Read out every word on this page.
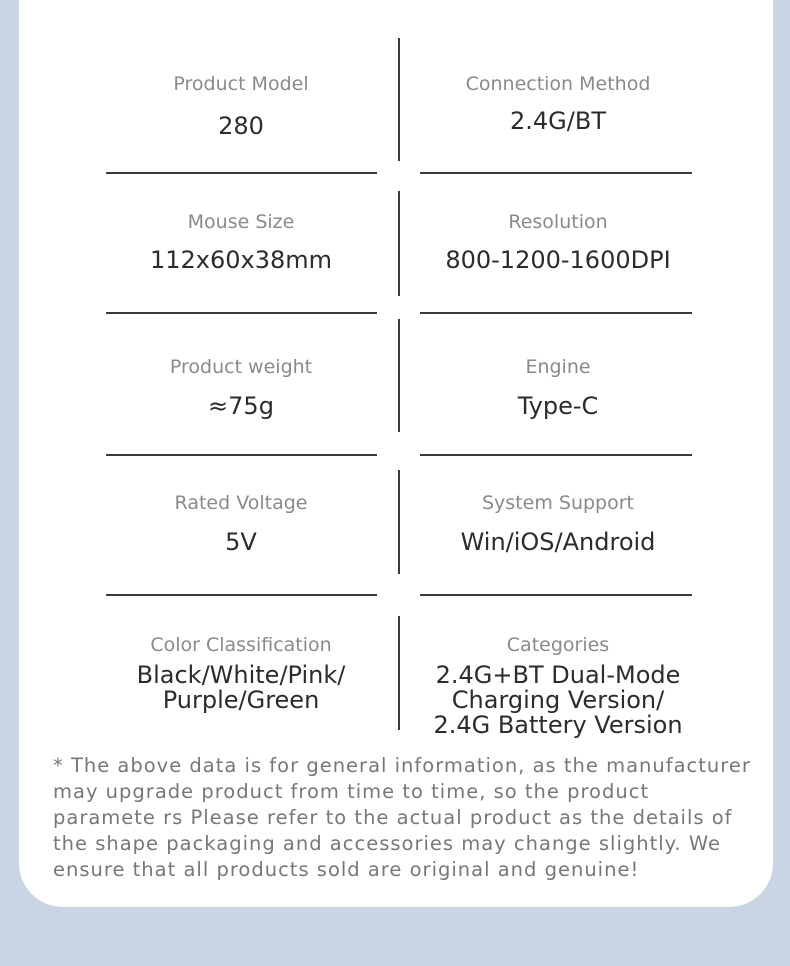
Product Model
280
Connection Method
2.4G/BT
Mouse Size
112x60x38mm
Resolution
800-1200-1600DPI
Product weight
≈75g
Engine
Type-C
Rated Voltage
5V
System Support
Win/iOS/Android
Color Classification
Black/White/Pink/
Purple/Green
Categories
2.4G+BT Dual-Mode
Charging Version/
2.4G Battery Version
* The above data is for general information, as the manufacturer may upgrade product from time to time, so the product paramete rs Please refer to the actual product as the details of the shape packaging and accessories may change slightly. We ensure that all products sold are original and genuine!
